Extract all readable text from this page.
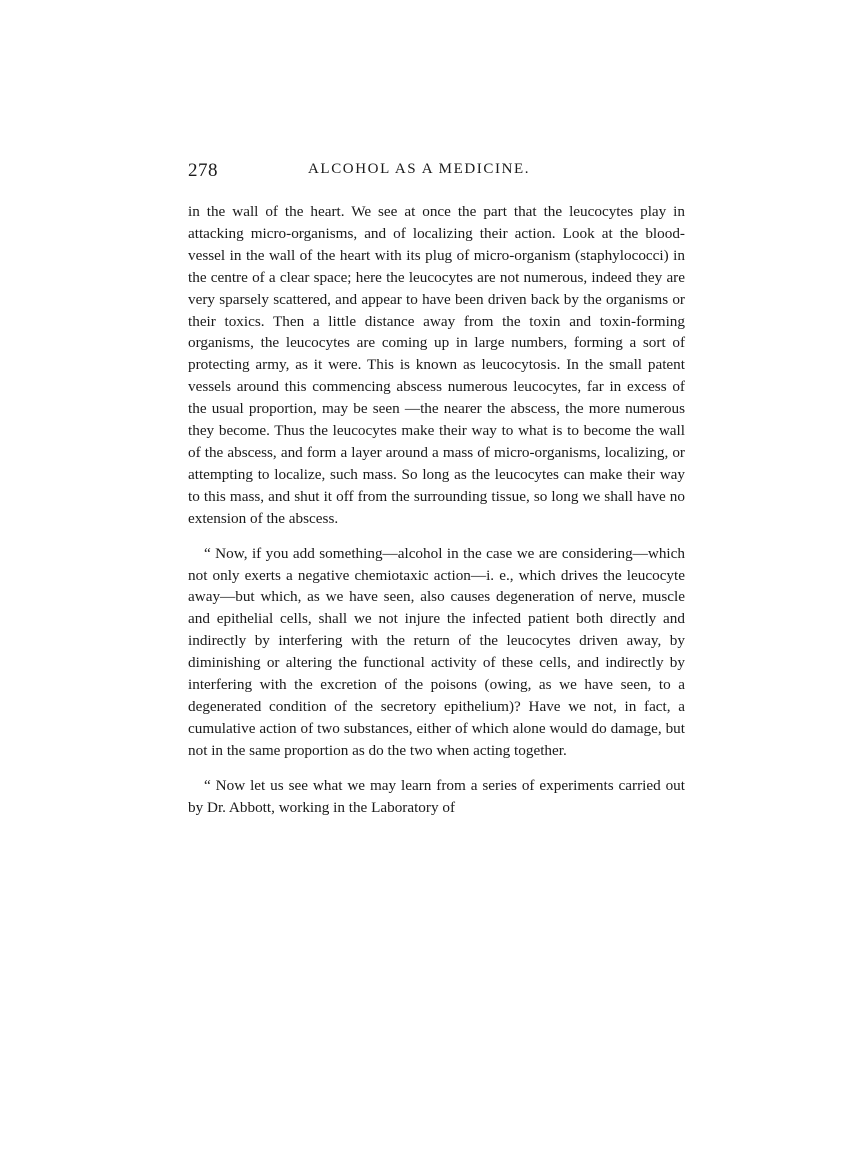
278	ALCOHOL AS A MEDICINE.

in the wall of the heart. We see at once the part that the leucocytes play in attacking micro-organisms, and of localizing their action. Look at the blood-vessel in the wall of the heart with its plug of micro-organism (staphylococci) in the centre of a clear space; here the leucocytes are not numerous, indeed they are very sparsely scattered, and appear to have been driven back by the organisms or their toxics. Then a little distance away from the toxin and toxin-forming organisms, the leucocytes are coming up in large numbers, forming a sort of protecting army, as it were. This is known as leucocytosis. In the small patent vessels around this commencing abscess numerous leucocytes, far in excess of the usual proportion, may be seen —the nearer the abscess, the more numerous they become. Thus the leucocytes make their way to what is to become the wall of the abscess, and form a layer around a mass of micro-organisms, localizing, or attempting to localize, such mass. So long as the leucocytes can make their way to this mass, and shut it off from the surrounding tissue, so long we shall have no extension of the abscess.

“ Now, if you add something—alcohol in the case we are considering—which not only exerts a negative chemiotaxic action—i. e., which drives the leucocyte away—but which, as we have seen, also causes degeneration of nerve, muscle and epithelial cells, shall we not injure the infected patient both directly and indirectly by interfering with the return of the leucocytes driven away, by diminishing or altering the functional activity of these cells, and indirectly by interfering with the excretion of the poisons (owing, as we have seen, to a degenerated condition of the secretory epithelium)? Have we not, in fact, a cumulative action of two substances, either of which alone would do damage, but not in the same proportion as do the two when acting together.

“ Now let us see what we may learn from a series of experiments carried out by Dr. Abbott, working in the Laboratory of
